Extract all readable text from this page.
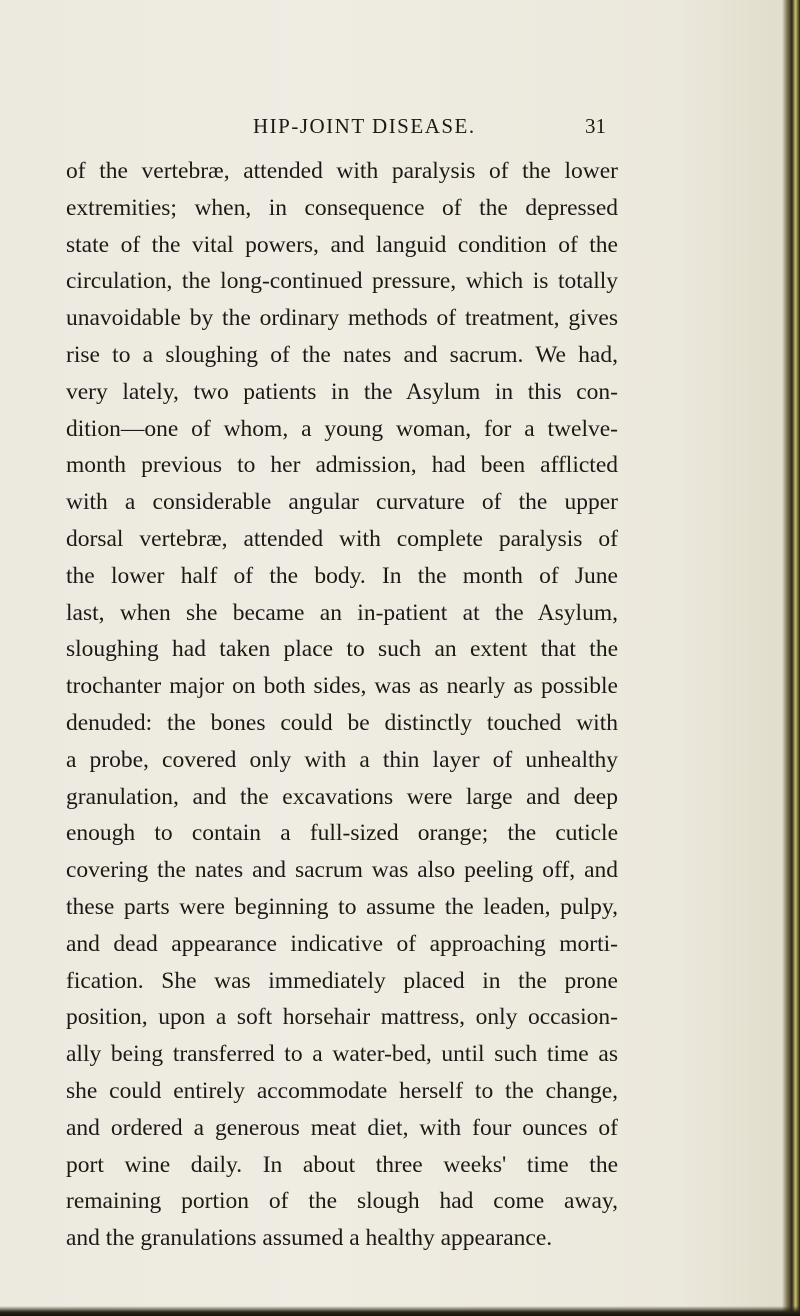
HIP-JOINT DISEASE.	31
of the vertebræ, attended with paralysis of the lower
extremities; when, in consequence of the depressed
state of the vital powers, and languid condition of the
circulation, the long-continued pressure, which is totally
unavoidable by the ordinary methods of treatment, gives
rise to a sloughing of the nates and sacrum. We had,
very lately, two patients in the Asylum in this con-
dition—one of whom, a young woman, for a twelve-
month previous to her admission, had been afflicted
with a considerable angular curvature of the upper
dorsal vertebræ, attended with complete paralysis of
the lower half of the body. In the month of June
last, when she became an in-patient at the Asylum,
sloughing had taken place to such an extent that the
trochanter major on both sides, was as nearly as possible
denuded: the bones could be distinctly touched with
a probe, covered only with a thin layer of unhealthy
granulation, and the excavations were large and deep
enough to contain a full-sized orange; the cuticle
covering the nates and sacrum was also peeling off, and
these parts were beginning to assume the leaden, pulpy,
and dead appearance indicative of approaching morti-
fication. She was immediately placed in the prone
position, upon a soft horsehair mattress, only occasion-
ally being transferred to a water-bed, until such time as
she could entirely accommodate herself to the change,
and ordered a generous meat diet, with four ounces of
port wine daily. In about three weeks' time the
remaining portion of the slough had come away,
and the granulations assumed a healthy appearance.
